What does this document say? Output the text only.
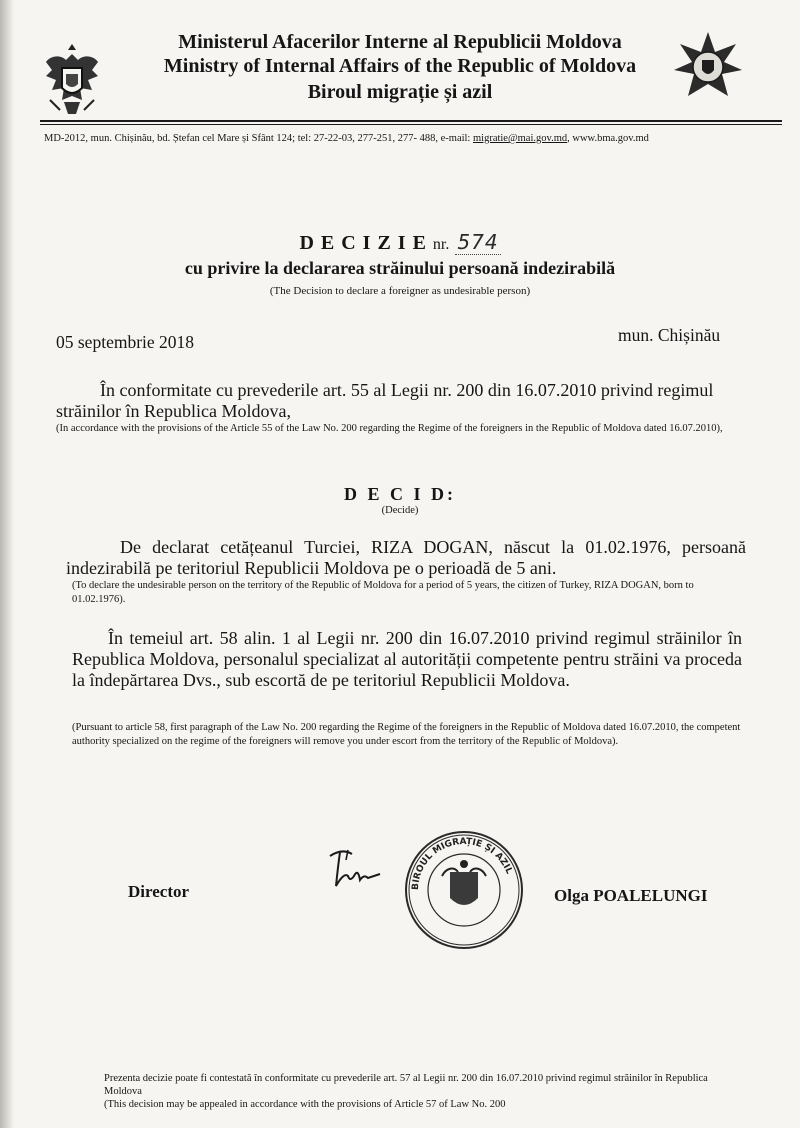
Ministerul Afacerilor Interne al Republicii Moldova
Ministry of Internal Affairs of the Republic of Moldova
Biroul migrație și azil
MD-2012, mun. Chișinău, bd. Ștefan cel Mare și Sfânt 124; tel: 27-22-03, 277-251, 277- 488, e-mail: migratie@mai.gov.md, www.bma.gov.md
D E C I Z I E nr. 574
cu privire la declararea străinului persoană indezirabilă
(The Decision to declare a foreigner as undesirable person)
05 septembrie 2018	mun. Chișinău
În conformitate cu prevederile art. 55 al Legii nr. 200 din 16.07.2010 privind regimul străinilor în Republica Moldova,
(In accordance with the provisions of the Article 55 of the Law No. 200 regarding the Regime of the foreigners in the Republic of Moldova dated 16.07.2010),
D E C I D:
(Decide)
De declarat cetățeanul Turciei, RIZA DOGAN, născut la 01.02.1976, persoană indezirabilă pe teritoriul Republicii Moldova pe o perioadă de 5 ani.
(To declare the undesirable person on the territory of the Republic of Moldova for a period of 5 years, the citizen of Turkey, RIZA DOGAN, born to 01.02.1976).
În temeiul art. 58 alin. 1 al Legii nr. 200 din 16.07.2010 privind regimul străinilor în Republica Moldova, personalul specializat al autorității competente pentru străini va proceda la îndepărtarea Dvs., sub escortă de pe teritoriul Republicii Moldova.
(Pursuant to article 58, first paragraph of the Law No. 200 regarding the Regime of the foreigners in the Republic of Moldova dated 16.07.2010, the competent authority specialized on the regime of the foreigners will remove you under escort from the territory of the Republic of Moldova).
Director	BIROUL MIGRAȚIE ȘI AZIL
Olga POALELUNGI
Prezenta decizie poate fi contestată în conformitate cu prevederile art. 57 al Legii nr. 200 din 16.07.2010 privind regimul străinilor în Republica Moldova
(This decision may be appealed in accordance with the provisions of Article 57 of Law No. 200
